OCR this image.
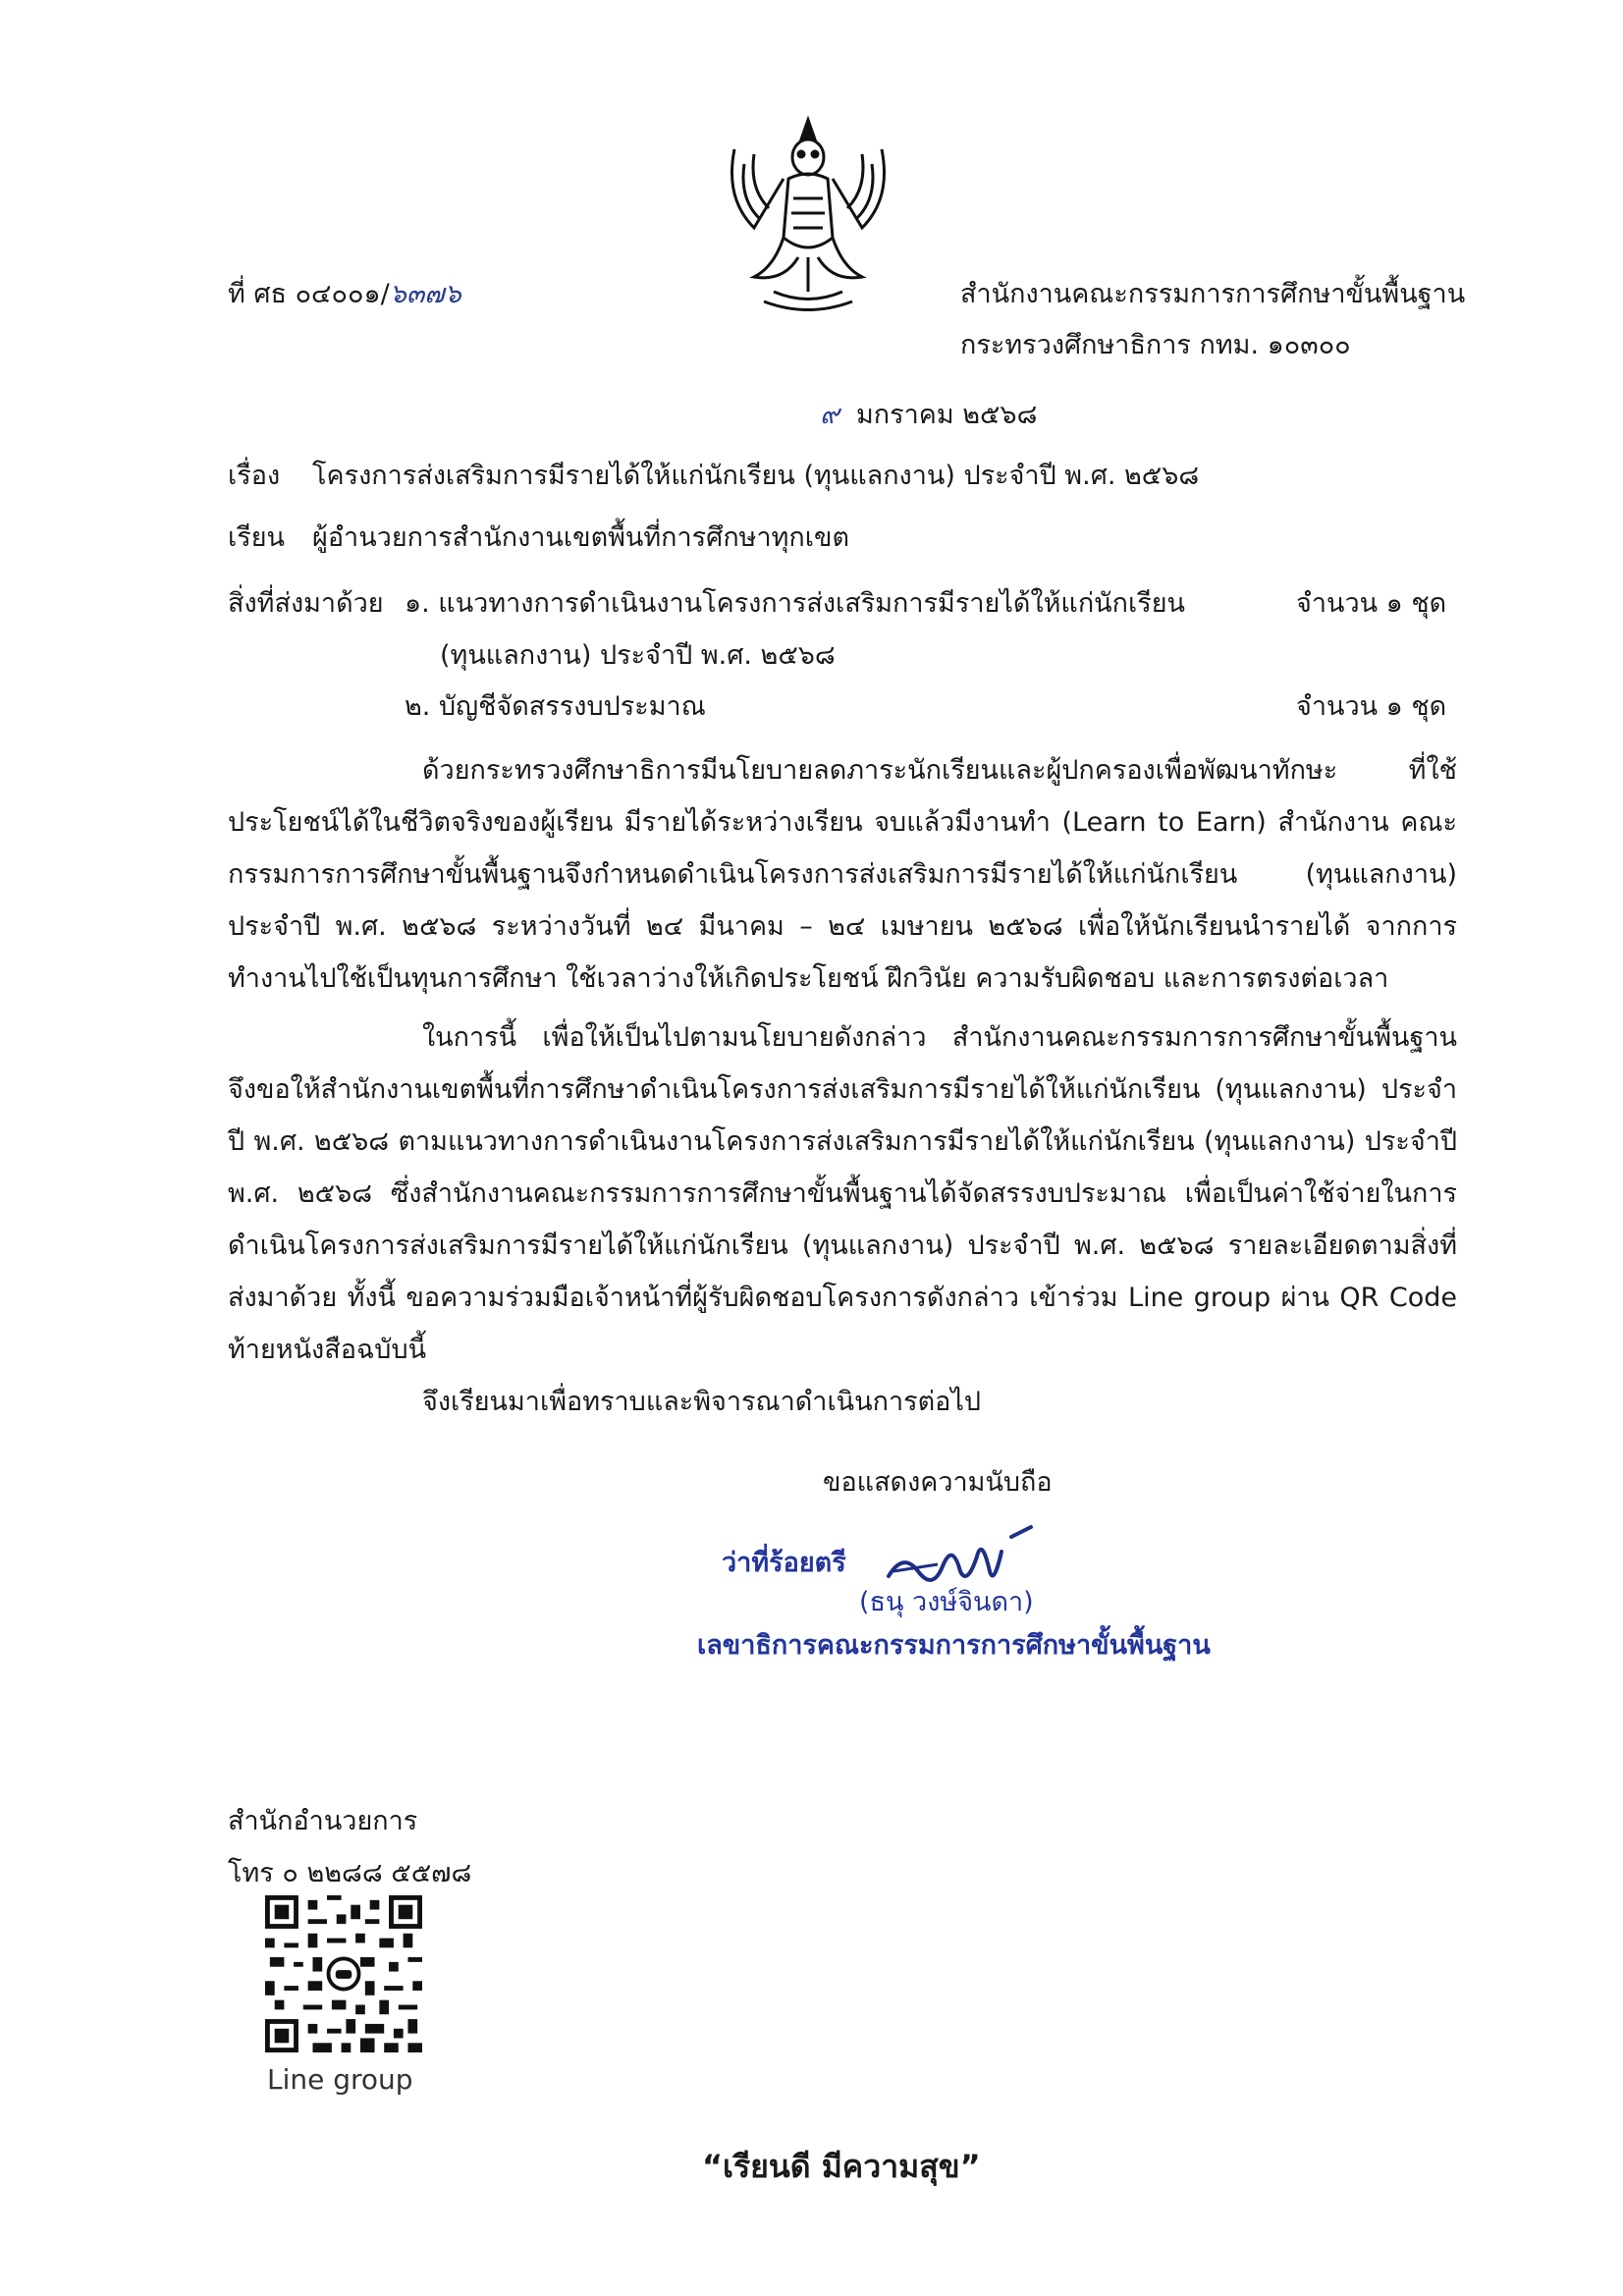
ที่ ศธ ๐๔๐๐๑/๖๓๗๖	สำนักงานคณะกรรมการการศึกษาขั้นพื้นฐาน
กระทรวงศึกษาธิการ กทม. ๑๐๓๐๐
๙ มกราคม ๒๕๖๘
เรื่อง โครงการส่งเสริมการมีรายได้ให้แก่นักเรียน (ทุนแลกงาน) ประจำปี พ.ศ. ๒๕๖๘
เรียน ผู้อำนวยการสำนักงานเขตพื้นที่การศึกษาทุกเขต
สิ่งที่ส่งมาด้วย ๑. แนวทางการดำเนินงานโครงการส่งเสริมการมีรายได้ให้แก่นักเรียน	จำนวน ๑ ชุด
(ทุนแลกงาน) ประจำปี พ.ศ. ๒๕๖๘
๒. บัญชีจัดสรรงบประมาณ	จำนวน ๑ ชุด

ด้วยกระทรวงศึกษาธิการมีนโยบายลดภาระนักเรียนและผู้ปกครองเพื่อพัฒนาทักษะ ที่ใช้ประโยชน์ได้ในชีวิตจริงของผู้เรียน มีรายได้ระหว่างเรียน จบแล้วมีงานทำ (Learn to Earn) สำนักงาน คณะกรรมการการศึกษาขั้นพื้นฐานจึงกำหนดดำเนินโครงการส่งเสริมการมีรายได้ให้แก่นักเรียน (ทุนแลกงาน) ประจำปี พ.ศ. ๒๕๖๘ ระหว่างวันที่ ๒๔ มีนาคม – ๒๔ เมษายน ๒๕๖๘ เพื่อให้นักเรียนนำรายได้ จากการทำงานไปใช้เป็นทุนการศึกษา ใช้เวลาว่างให้เกิดประโยชน์ ฝึกวินัย ความรับผิดชอบ และการตรงต่อเวลา

ในการนี้ เพื่อให้เป็นไปตามนโยบายดังกล่าว สำนักงานคณะกรรมการการศึกษาขั้นพื้นฐาน จึงขอให้สำนักงานเขตพื้นที่การศึกษาดำเนินโครงการส่งเสริมการมีรายได้ให้แก่นักเรียน (ทุนแลกงาน) ประจำปี พ.ศ. ๒๕๖๘ ตามแนวทางการดำเนินงานโครงการส่งเสริมการมีรายได้ให้แก่นักเรียน (ทุนแลกงาน) ประจำปี พ.ศ. ๒๕๖๘ ซึ่งสำนักงานคณะกรรมการการศึกษาขั้นพื้นฐานได้จัดสรรงบประมาณ เพื่อเป็นค่าใช้จ่ายในการดำเนินโครงการส่งเสริมการมีรายได้ให้แก่นักเรียน (ทุนแลกงาน) ประจำปี พ.ศ. ๒๕๖๘ รายละเอียดตามสิ่งที่ส่งมาด้วย ทั้งนี้ ขอความร่วมมือเจ้าหน้าที่ผู้รับผิดชอบโครงการดังกล่าว เข้าร่วม Line group ผ่าน QR Code ท้ายหนังสือฉบับนี้

จึงเรียนมาเพื่อทราบและพิจารณาดำเนินการต่อไป
ขอแสดงความนับถือ
ว่าที่ร้อยตรี
(ธนุ วงษ์จินดา)
เลขาธิการคณะกรรมการการศึกษาขั้นพื้นฐาน
สำนักอำนวยการ
โทร ๐ ๒๒๘๘ ๕๕๗๘
Line group
“เรียนดี มีความสุข”
